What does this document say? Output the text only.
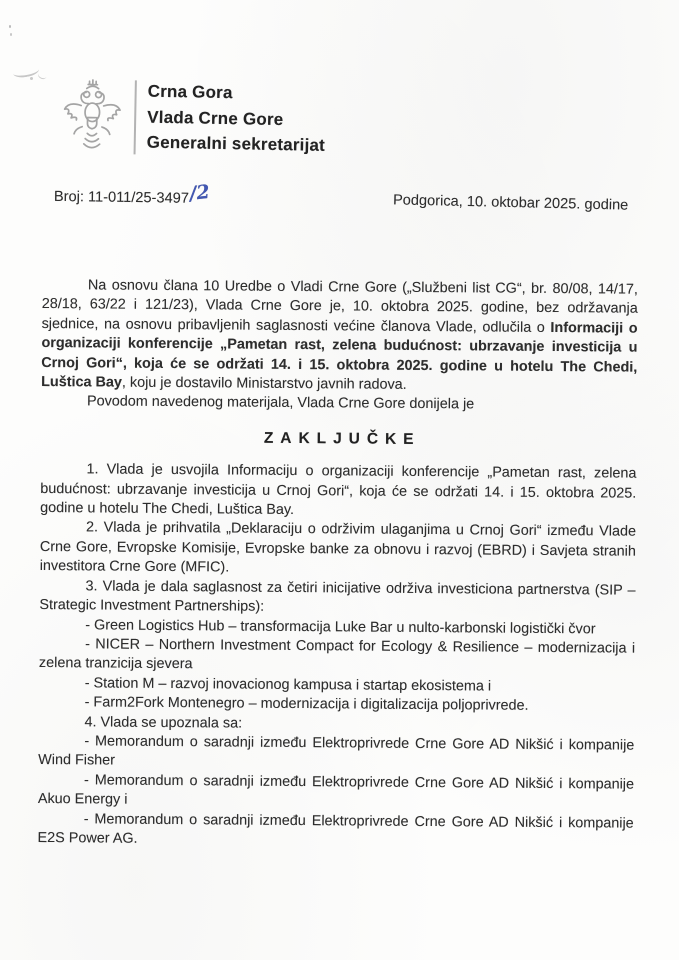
Crna Gora
Vlada Crne Gore
Generalni sekretarijat
Broj: 11-011/25-3497/2	Podgorica, 10. oktobar 2025. godine

Na osnovu člana 10 Uredbe o Vladi Crne Gore („Službeni list CG“, br. 80/08, 14/17, 28/18, 63/22 i 121/23), Vlada Crne Gore je, 10. oktobra 2025. godine, bez održavanja sjednice, na osnovu pribavljenih saglasnosti većine članova Vlade, odlučila o Informaciji o organizaciji konferencije „Pametan rast, zelena budućnost: ubrzavanje investicija u Crnoj Gori“, koja će se održati 14. i 15. oktobra 2025. godine u hotelu The Chedi, Luštica Bay, koju je dostavilo Ministarstvo javnih radova.

Povodom navedenog materijala, Vlada Crne Gore donijela je

ZAKLJUČKE

1. Vlada je usvojila Informaciju o organizaciji konferencije „Pametan rast, zelena budućnost: ubrzavanje investicija u Crnoj Gori“, koja će se održati 14. i 15. oktobra 2025. godine u hotelu The Chedi, Luštica Bay.

2. Vlada je prihvatila „Deklaraciju o održivim ulaganjima u Crnoj Gori“ između Vlade Crne Gore, Evropske Komisije, Evropske banke za obnovu i razvoj (EBRD) i Savjeta stranih investitora Crne Gore (MFIC).

3. Vlada je dala saglasnost za četiri inicijative održiva investiciona partnerstva (SIP – Strategic Investment Partnerships):

- Green Logistics Hub – transformacija Luke Bar u nulto-karbonski logistički čvor

- NICER – Northern Investment Compact for Ecology & Resilience – modernizacija i zelena tranzicija sjevera

- Station M – razvoj inovacionog kampusa i startap ekosistema i

- Farm2Fork Montenegro – modernizacija i digitalizacija poljoprivrede.

4. Vlada se upoznala sa:

- Memorandum o saradnji između Elektroprivrede Crne Gore AD Nikšić i kompanije Wind Fisher

- Memorandum o saradnji između Elektroprivrede Crne Gore AD Nikšić i kompanije Akuo Energy i

- Memorandum o saradnji između Elektroprivrede Crne Gore AD Nikšić i kompanije E2S Power AG.
